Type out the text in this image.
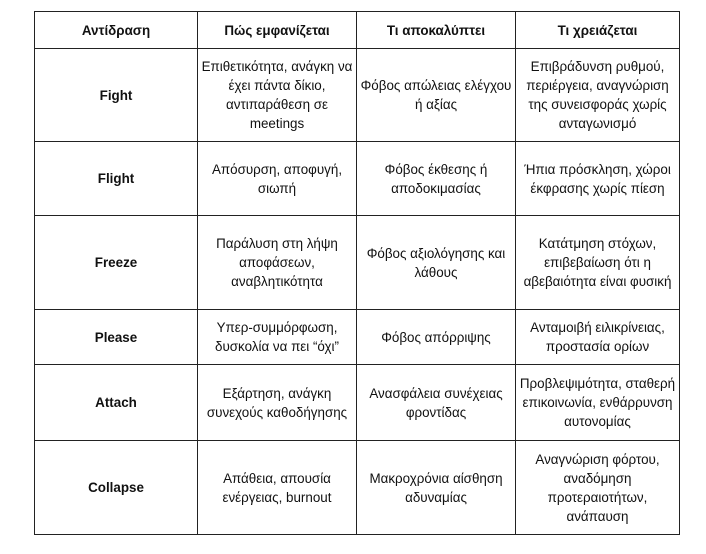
Αντίδραση	Πώς εμφανίζεται	Τι αποκαλύπτει	Τι χρειάζεται
Fight	Επιθετικότητα, ανάγκη να έχει πάντα δίκιο, αντιπαράθεση σε meetings	Φόβος απώλειας ελέγχου ή αξίας	Επιβράδυνση ρυθμού, περιέργεια, αναγνώριση της συνεισφοράς χωρίς ανταγωνισμό
Flight	Απόσυρση, αποφυγή, σιωπή	Φόβος έκθεσης ή αποδοκιμασίας	Ήπια πρόσκληση, χώροι έκφρασης χωρίς πίεση
Freeze	Παράλυση στη λήψη αποφάσεων, αναβλητικότητα	Φόβος αξιολόγησης και λάθους	Κατάτμηση στόχων, επιβεβαίωση ότι η αβεβαιότητα είναι φυσική
Please	Υπερ-συμμόρφωση, δυσκολία να πει “όχι”	Φόβος απόρριψης	Ανταμοιβή ειλικρίνειας, προστασία ορίων
Attach	Εξάρτηση, ανάγκη συνεχούς καθοδήγησης	Ανασφάλεια συνέχειας φροντίδας	Προβλεψιμότητα, σταθερή επικοινωνία, ενθάρρυνση αυτονομίας
Collapse	Απάθεια, απουσία ενέργειας, burnout	Μακροχρόνια αίσθηση αδυναμίας	Αναγνώριση φόρτου, αναδόμηση προτεραιοτήτων, ανάπαυση
